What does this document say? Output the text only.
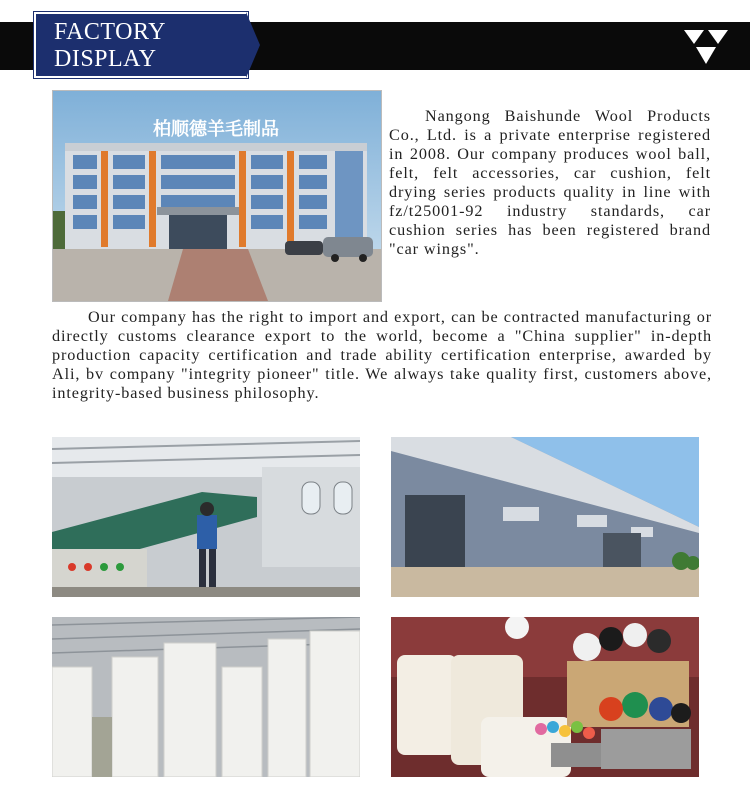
FACTORY
DISPLAY
柏顺德羊毛制品

Nangong Baishunde Wool Products Co., Ltd. is a private enterprise registered in 2008. Our company produces wool ball, felt, felt accessories, car cushion, felt drying series products quality in line with fz/t25001-92 industry standards, car cushion series has been registered brand "car wings".

Our company has the right to import and export, can be contracted manufacturing or directly customs clearance export to the world, become a "China supplier" in-depth production capacity certification and trade ability certification enterprise, awarded by Ali, bv company "integrity pioneer" title. We always take quality first, customers above, integrity-based business philosophy.
